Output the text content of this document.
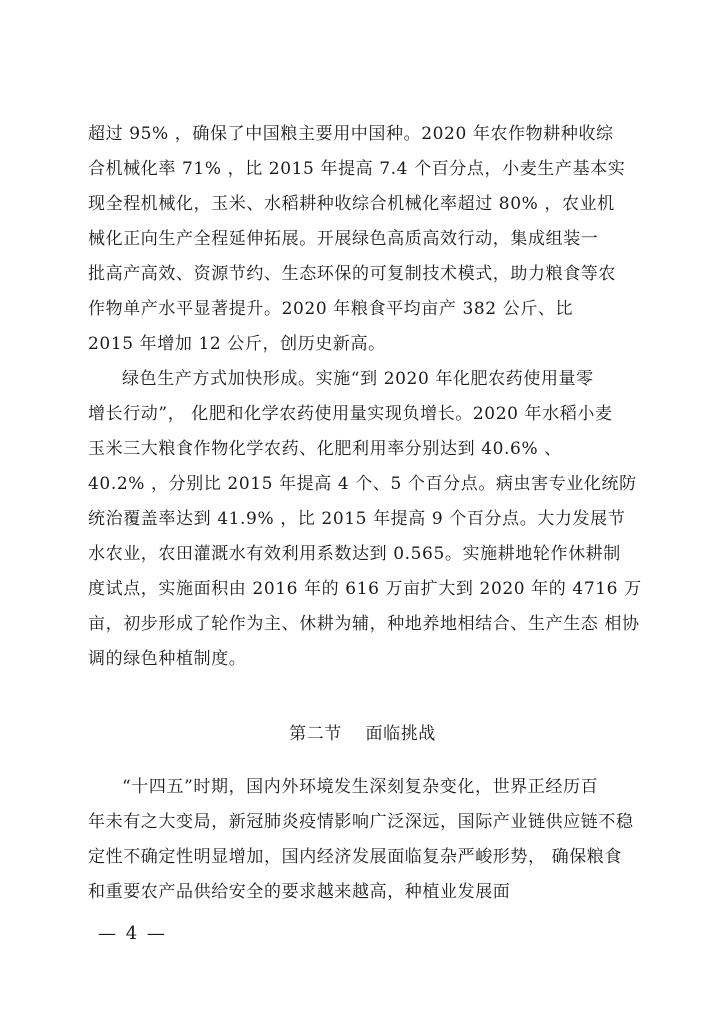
超过 95% ，确保了中国粮主要用中国种。2020 年农作物耕种收综
合机械化率 71% ，比 2015 年提高 7.4 个百分点，小麦生产基本实
现全程机械化，玉米、水稻耕种收综合机械化率超过 80% ，农业机
械化正向生产全程延伸拓展。开展绿色高质高效行动，集成组装一
批高产高效、资源节约、生态环保的可复制技术模式，助力粮食等农
作物单产水平显著提升。2020 年粮食平均亩产 382 公斤、比
2015 年增加 12 公斤，创历史新高。
绿色生产方式加快形成。实施“到 2020 年化肥农药使用量零
增长行动”， 化肥和化学农药使用量实现负增长。2020 年水稻小麦
玉米三大粮食作物化学农药、化肥利用率分别达到 40.6% 、
40.2% ，分别比 2015 年提高 4 个、5 个百分点。病虫害专业化统防
统治覆盖率达到 41.9% ，比 2015 年提高 9 个百分点。大力发展节
水农业，农田灌溉水有效利用系数达到 0.565。实施耕地轮作休耕制
度试点，实施面积由 2016 年的 616 万亩扩大到 2020 年的 4716 万
亩，初步形成了轮作为主、休耕为辅，种地养地相结合、生产生态 相协
调的绿色种植制度。
第二节　 面临挑战
“十四五”时期，国内外环境发生深刻复杂变化，世界正经历百
年未有之大变局，新冠肺炎疫情影响广泛深远，国际产业链供应链不稳
定性不确定性明显增加，国内经济发展面临复杂严峻形势， 确保粮食
和重要农产品供给安全的要求越来越高，种植业发展面
— 4 —
